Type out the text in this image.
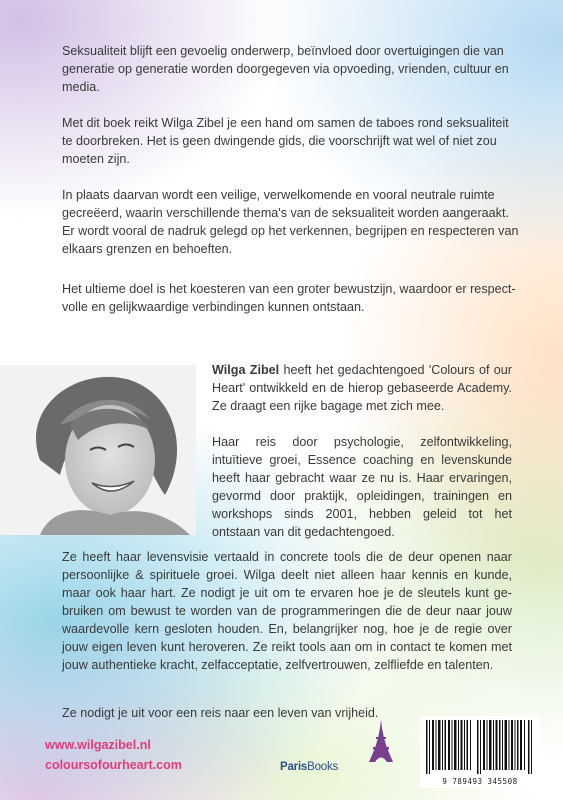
Seksualiteit blijft een gevoelig onderwerp, beïnvloed door overtuigingen die van generatie op generatie worden doorgegeven via opvoeding, vrienden, cultuur en media.

Met dit boek reikt Wilga Zibel je een hand om samen de taboes rond seksualiteit te doorbreken. Het is geen dwingende gids, die voorschrijft wat wel of niet zou moeten zijn.

In plaats daarvan wordt een veilige, verwelkomende en vooral neutrale ruimte gecreëerd, waarin verschillende thema's van de seksualiteit worden aangeraakt. Er wordt vooral de nadruk gelegd op het verkennen, begrijpen en respecteren van elkaars grenzen en behoeften.

Het ultieme doel is het koesteren van een groter bewustzijn, waardoor er respectvolle en gelijkwaardige verbindingen kunnen ontstaan.

Wilga Zibel heeft het gedachtengoed 'Colours of our Heart' ontwikkeld en de hierop gebaseerde Academy. Ze draagt een rijke bagage met zich mee.

Haar reis door psychologie, zelfontwikkeling, intuïtieve groei, Essence coaching en levenskunde heeft haar gebracht waar ze nu is. Haar ervaringen, gevormd door praktijk, opleidingen, trainingen en workshops sinds 2001, hebben geleid tot het ontstaan van dit gedachtengoed.

Ze heeft haar levensvisie vertaald in concrete tools die de deur openen naar persoonlijke & spirituele groei. Wilga deelt niet alleen haar kennis en kunde, maar ook haar hart. Ze nodigt je uit om te ervaren hoe je de sleutels kunt gebruiken om bewust te worden van de programmeringen die de deur naar jouw waardevolle kern gesloten houden. En, belangrijker nog, hoe je de regie over jouw eigen leven kunt heroveren. Ze reikt tools aan om in contact te komen met jouw authentieke kracht, zelfacceptatie, zelfvertrouwen, zelfliefde en talenten.

Ze nodigt je uit voor een reis naar een leven van vrijheid.

www.wilgazibel.nl
coloursofourheart.com	ParisBooks
9 789493 345508
